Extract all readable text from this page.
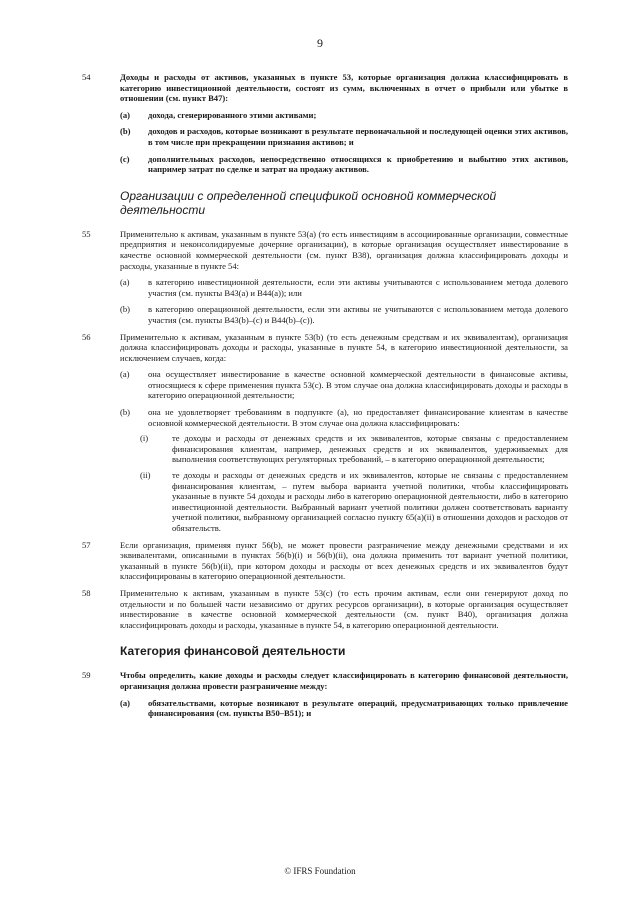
9
54	Доходы и расходы от активов, указанных в пункте 53, которые организация должна классифицировать в категорию инвестиционной деятельности, состоят из сумм, включенных в отчет о прибыли или убытке в отношении (см. пункт B47):
(a)	дохода, сгенерированного этими активами;
(b)	доходов и расходов, которые возникают в результате первоначальной и последующей оценки этих активов, в том числе при прекращении признания активов; и
(c)	дополнительных расходов, непосредственно относящихся к приобретению и выбытию этих активов, например затрат по сделке и затрат на продажу активов.
Организации с определенной спецификой основной коммерческой деятельности
55	Применительно к активам, указанным в пункте 53(a) (то есть инвестициям в ассоциированные организации, совместные предприятия и неконсолидируемые дочерние организации), в которые организация осуществляет инвестирование в качестве основной коммерческой деятельности (см. пункт B38), организация должна классифицировать доходы и расходы, указанные в пункте 54:
(a)	в категорию инвестиционной деятельности, если эти активы учитываются с использованием метода долевого участия (см. пункты B43(a) и B44(a)); или
(b)	в категорию операционной деятельности, если эти активы не учитываются с использованием метода долевого участия (см. пункты B43(b)–(c) и B44(b)–(c)).
56	Применительно к активам, указанным в пункте 53(b) (то есть денежным средствам и их эквивалентам), организация должна классифицировать доходы и расходы, указанные в пункте 54, в категорию инвестиционной деятельности, за исключением случаев, когда:
(a)	она осуществляет инвестирование в качестве основной коммерческой деятельности в финансовые активы, относящиеся к сфере применения пункта 53(c). В этом случае она должна классифицировать доходы и расходы в категорию операционной деятельности;
(b)	она не удовлетворяет требованиям в подпункте (a), но предоставляет финансирование клиентам в качестве основной коммерческой деятельности. В этом случае она должна классифицировать:
(i)	те доходы и расходы от денежных средств и их эквивалентов, которые связаны с предоставлением финансирования клиентам, например, денежных средств и их эквивалентов, удерживаемых для выполнения соответствующих регуляторных требований, – в категорию операционной деятельности;
(ii)	те доходы и расходы от денежных средств и их эквивалентов, которые не связаны с предоставлением финансирования клиентам, – путем выбора варианта учетной политики, чтобы классифицировать указанные в пункте 54 доходы и расходы либо в категорию операционной деятельности, либо в категорию инвестиционной деятельности. Выбранный вариант учетной политики должен соответствовать варианту учетной политики, выбранному организацией согласно пункту 65(a)(ii) в отношении доходов и расходов от обязательств.
57	Если организация, применяя пункт 56(b), не может провести разграничение между денежными средствами и их эквивалентами, описанными в пунктах 56(b)(i) и 56(b)(ii), она должна применить тот вариант учетной политики, указанный в пункте 56(b)(ii), при котором доходы и расходы от всех денежных средств и их эквивалентов будут классифицированы в категорию операционной деятельности.
58	Применительно к активам, указанным в пункте 53(c) (то есть прочим активам, если они генерируют доход по отдельности и по большей части независимо от других ресурсов организации), в которые организация осуществляет инвестирование в качестве основной коммерческой деятельности (см. пункт B40), организация должна классифицировать доходы и расходы, указанные в пункте 54, в категорию операционной деятельности.
Категория финансовой деятельности
59	Чтобы определить, какие доходы и расходы следует классифицировать в категорию финансовой деятельности, организация должна провести разграничение между:
(a)	обязательствами, которые возникают в результате операций, предусматривающих только привлечение финансирования (см. пункты B50–B51); и
© IFRS Foundation
